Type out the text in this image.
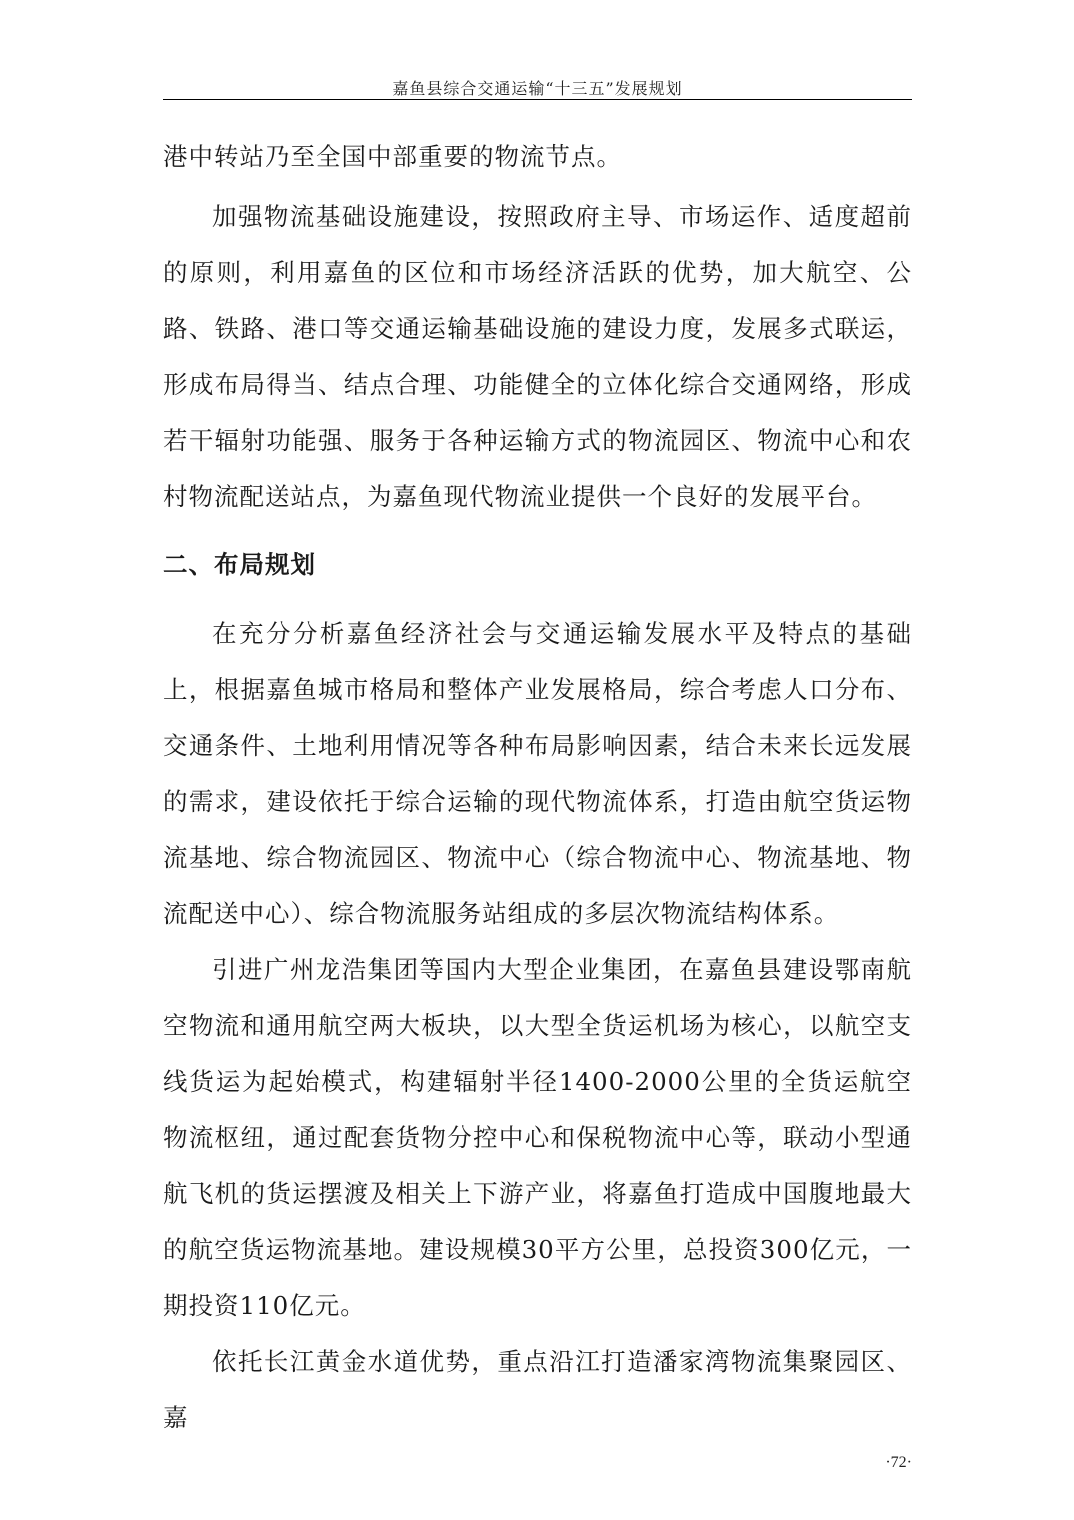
嘉鱼县综合交通运输“十三五”发展规划

港中转站乃至全国中部重要的物流节点。

加强物流基础设施建设，按照政府主导、市场运作、适度超前的原则，利用嘉鱼的区位和市场经济活跃的优势，加大航空、公路、铁路、港口等交通运输基础设施的建设力度，发展多式联运，形成布局得当、结点合理、功能健全的立体化综合交通网络，形成若干辐射功能强、服务于各种运输方式的物流园区、物流中心和农村物流配送站点，为嘉鱼现代物流业提供一个良好的发展平台。

二、布局规划

在充分分析嘉鱼经济社会与交通运输发展水平及特点的基础上，根据嘉鱼城市格局和整体产业发展格局，综合考虑人口分布、交通条件、土地利用情况等各种布局影响因素，结合未来长远发展的需求，建设依托于综合运输的现代物流体系，打造由航空货运物流基地、综合物流园区、物流中心（综合物流中心、物流基地、物流配送中心）、综合物流服务站组成的多层次物流结构体系。

引进广州龙浩集团等国内大型企业集团，在嘉鱼县建设鄂南航空物流和通用航空两大板块，以大型全货运机场为核心，以航空支线货运为起始模式，构建辐射半径1400-2000公里的全货运航空物流枢纽，通过配套货物分控中心和保税物流中心等，联动小型通航飞机的货运摆渡及相关上下游产业，将嘉鱼打造成中国腹地最大的航空货运物流基地。建设规模30平方公里，总投资300亿元，一期投资110亿元。

依托长江黄金水道优势，重点沿江打造潘家湾物流集聚园区、嘉

·72·
